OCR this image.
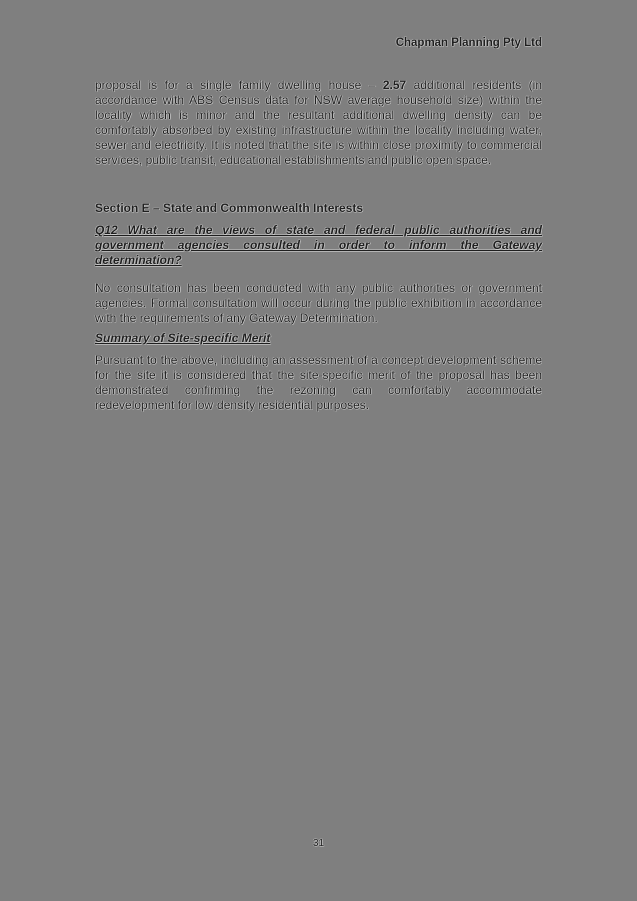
Chapman Planning Pty Ltd

proposal is for a single family dwelling house – 2.57 additional residents (in accordance with ABS Census data for NSW average household size) within the locality which is minor and the resultant additional dwelling density can be comfortably absorbed by existing infrastructure within the locality including water, sewer and electricity. It is noted that the site is within close proximity to commercial services, public transit, educational establishments and public open space.

Section E – State and Commonwealth Interests
Q12 What are the views of state and federal public authorities and government agencies consulted in order to inform the Gateway determination?

No consultation has been conducted with any public authorities or government agencies. Formal consultation will occur during the public exhibition in accordance with the requirements of any Gateway Determination.

Summary of Site-specific Merit

Pursuant to the above, including an assessment of a concept development scheme for the site it is considered that the site-specific merit of the proposal has been demonstrated confirming the rezoning can comfortably accommodate redevelopment for low-density residential purposes.

31
